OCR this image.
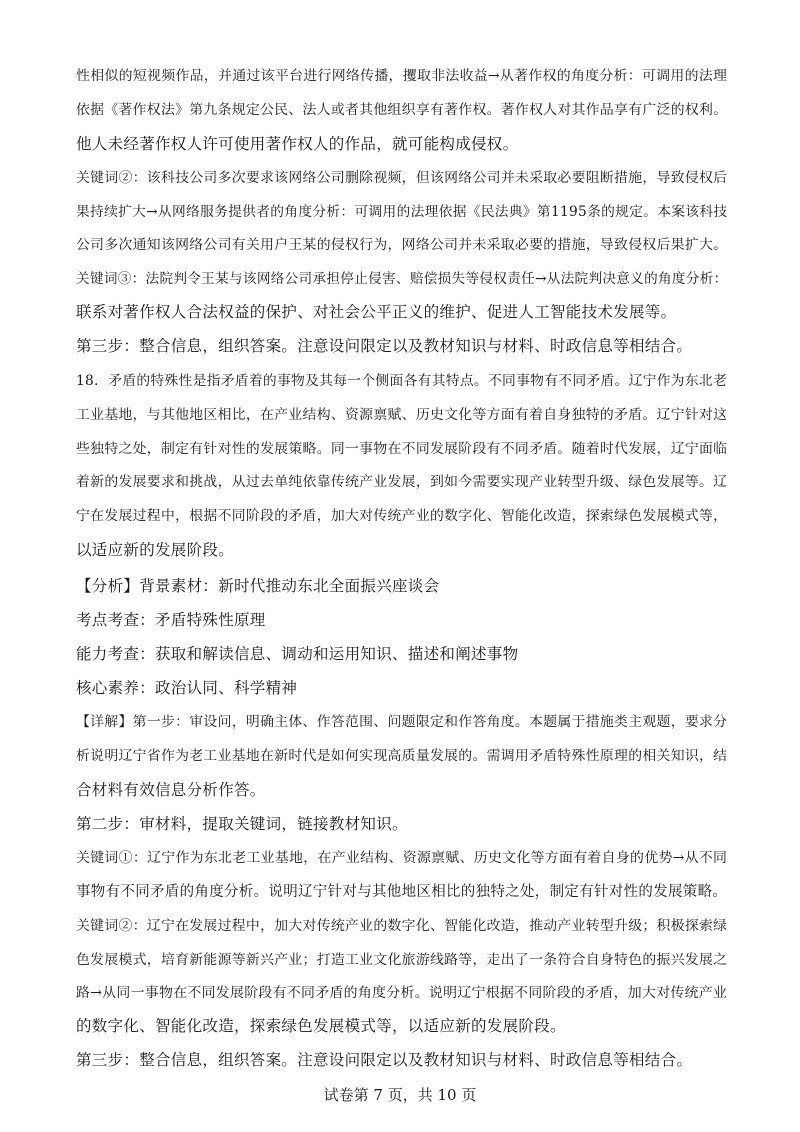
性相似的短视频作品，并通过该平台进行网络传播，攫取非法收益→从著作权的角度分析：可调用的法理
依据《著作权法》第九条规定公民、法人或者其他组织享有著作权。著作权人对其作品享有广泛的权利。
他人未经著作权人许可使用著作权人的作品，就可能构成侵权。
关键词②：该科技公司多次要求该网络公司删除视频，但该网络公司并未采取必要阻断措施，导致侵权后
果持续扩大→从网络服务提供者的角度分析：可调用的法理依据《民法典》第1195条的规定。本案该科技
公司多次通知该网络公司有关用户王某的侵权行为，网络公司并未采取必要的措施，导致侵权后果扩大。
关键词③：法院判令王某与该网络公司承担停止侵害、赔偿损失等侵权责任→从法院判决意义的角度分析：
联系对著作权人合法权益的保护、对社会公平正义的维护、促进人工智能技术发展等。
第三步：整合信息，组织答案。注意设问限定以及教材知识与材料、时政信息等相结合。
18．矛盾的特殊性是指矛盾着的事物及其每一个侧面各有其特点。不同事物有不同矛盾。辽宁作为东北老
工业基地，与其他地区相比，在产业结构、资源禀赋、历史文化等方面有着自身独特的矛盾。辽宁针对这
些独特之处，制定有针对性的发展策略。同一事物在不同发展阶段有不同矛盾。随着时代发展，辽宁面临
着新的发展要求和挑战，从过去单纯依靠传统产业发展，到如今需要实现产业转型升级、绿色发展等。辽
宁在发展过程中，根据不同阶段的矛盾，加大对传统产业的数字化、智能化改造，探索绿色发展模式等，
以适应新的发展阶段。
【分析】背景素材：新时代推动东北全面振兴座谈会
考点考查：矛盾特殊性原理
能力考查：获取和解读信息、调动和运用知识、描述和阐述事物
核心素养：政治认同、科学精神
【详解】第一步：审设问，明确主体、作答范围、问题限定和作答角度。本题属于措施类主观题，要求分
析说明辽宁省作为老工业基地在新时代是如何实现高质量发展的。需调用矛盾特殊性原理的相关知识，结
合材料有效信息分析作答。
第二步：审材料，提取关键词，链接教材知识。
关键词①：辽宁作为东北老工业基地，在产业结构、资源禀赋、历史文化等方面有着自身的优势→从不同
事物有不同矛盾的角度分析。说明辽宁针对与其他地区相比的独特之处，制定有针对性的发展策略。
关键词②：辽宁在发展过程中，加大对传统产业的数字化、智能化改造，推动产业转型升级；积极探索绿
色发展模式，培育新能源等新兴产业；打造工业文化旅游线路等，走出了一条符合自身特色的振兴发展之
路→从同一事物在不同发展阶段有不同矛盾的角度分析。说明辽宁根据不同阶段的矛盾，加大对传统产业
的数字化、智能化改造，探索绿色发展模式等，以适应新的发展阶段。
第三步：整合信息，组织答案。注意设问限定以及教材知识与材料、时政信息等相结合。
试卷第 7 页，共 10 页
